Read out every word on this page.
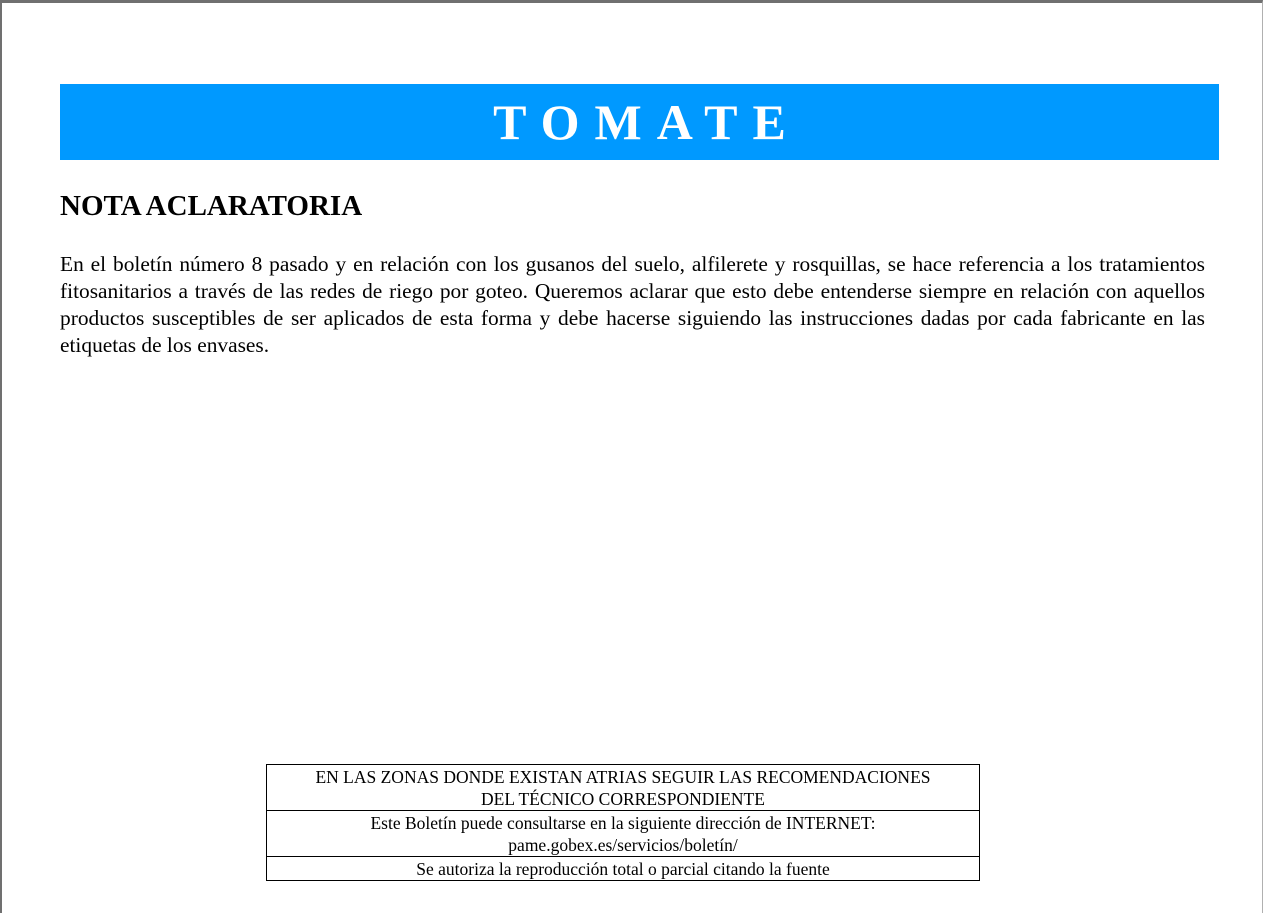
TOMATE
NOTA ACLARATORIA

En el boletín número 8 pasado y en relación con los gusanos del suelo, alfilerete y rosquillas, se hace referencia a los tratamientos fitosanitarios a través de las redes de riego por goteo. Queremos aclarar que esto debe entenderse siempre en relación con aquellos productos susceptibles de ser aplicados de esta forma y debe hacerse siguiendo las instrucciones dadas por cada fabricante en las etiquetas de los envases.

EN LAS ZONAS DONDE EXISTAN ATRIAS SEGUIR LAS RECOMENDACIONES
DEL TÉCNICO CORRESPONDIENTE

Este Boletín puede consultarse en la siguiente dirección de INTERNET:
pame.gobex.es/servicios/boletín/

Se autoriza la reproducción total o parcial citando la fuente
